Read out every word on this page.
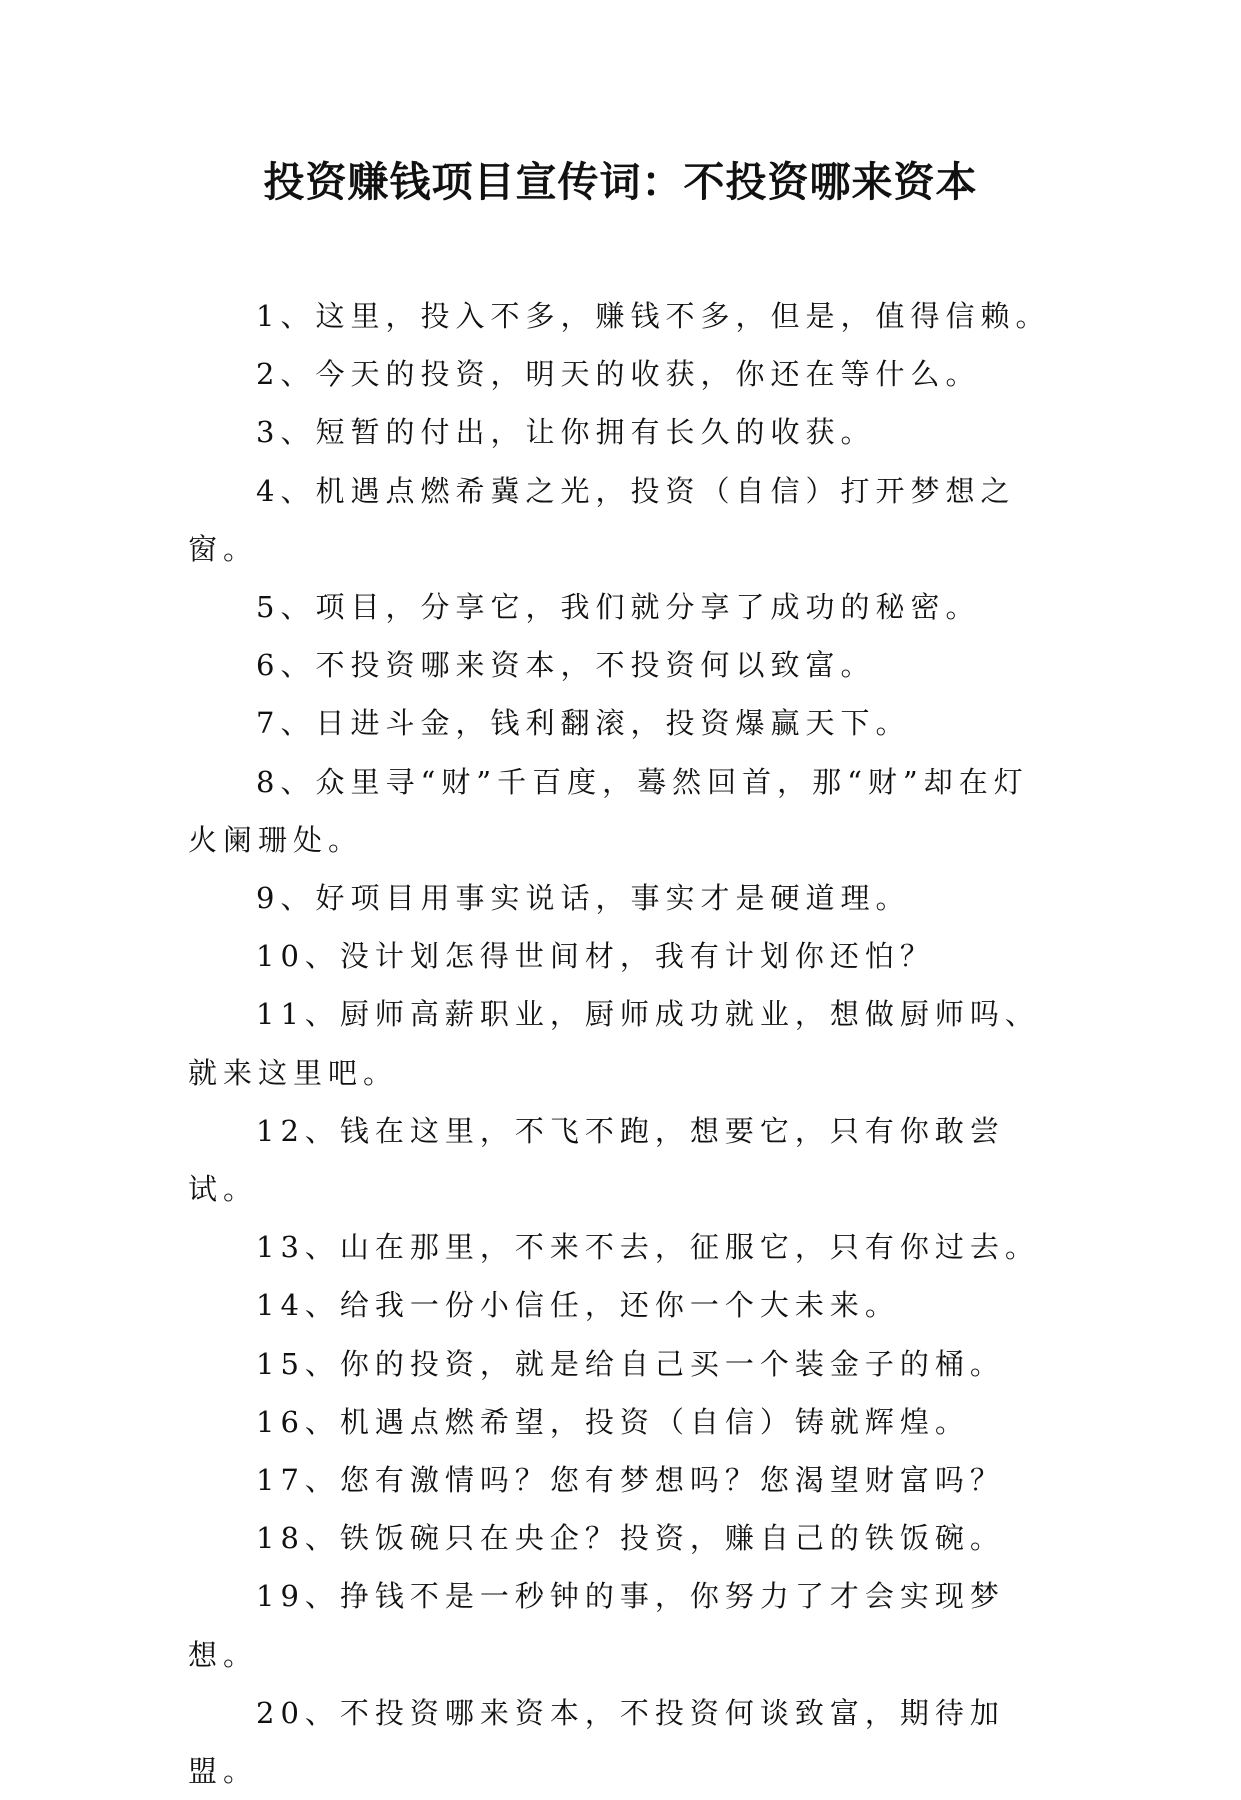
投资赚钱项目宣传词：不投资哪来资本

1、这里，投入不多，赚钱不多，但是，值得信赖。

2、今天的投资，明天的收获，你还在等什么。

3、短暂的付出，让你拥有长久的收获。

4、机遇点燃希冀之光，投资（自信）打开梦想之窗。

5、项目，分享它，我们就分享了成功的秘密。

6、不投资哪来资本，不投资何以致富。

7、日进斗金，钱利翻滚，投资爆赢天下。

8、众里寻“财”千百度，蓦然回首，那“财”却在灯火阑珊处。

9、好项目用事实说话，事实才是硬道理。

10、没计划怎得世间材，我有计划你还怕？

11、厨师高薪职业，厨师成功就业，想做厨师吗、就来这里吧。

12、钱在这里，不飞不跑，想要它，只有你敢尝试。

13、山在那里，不来不去，征服它，只有你过去。

14、给我一份小信任，还你一个大未来。

15、你的投资，就是给自己买一个装金子的桶。

16、机遇点燃希望，投资（自信）铸就辉煌。

17、您有激情吗？您有梦想吗？您渴望财富吗？

18、铁饭碗只在央企？投资，赚自己的铁饭碗。

19、挣钱不是一秒钟的事，你努力了才会实现梦想。

20、不投资哪来资本，不投资何谈致富，期待加盟。
